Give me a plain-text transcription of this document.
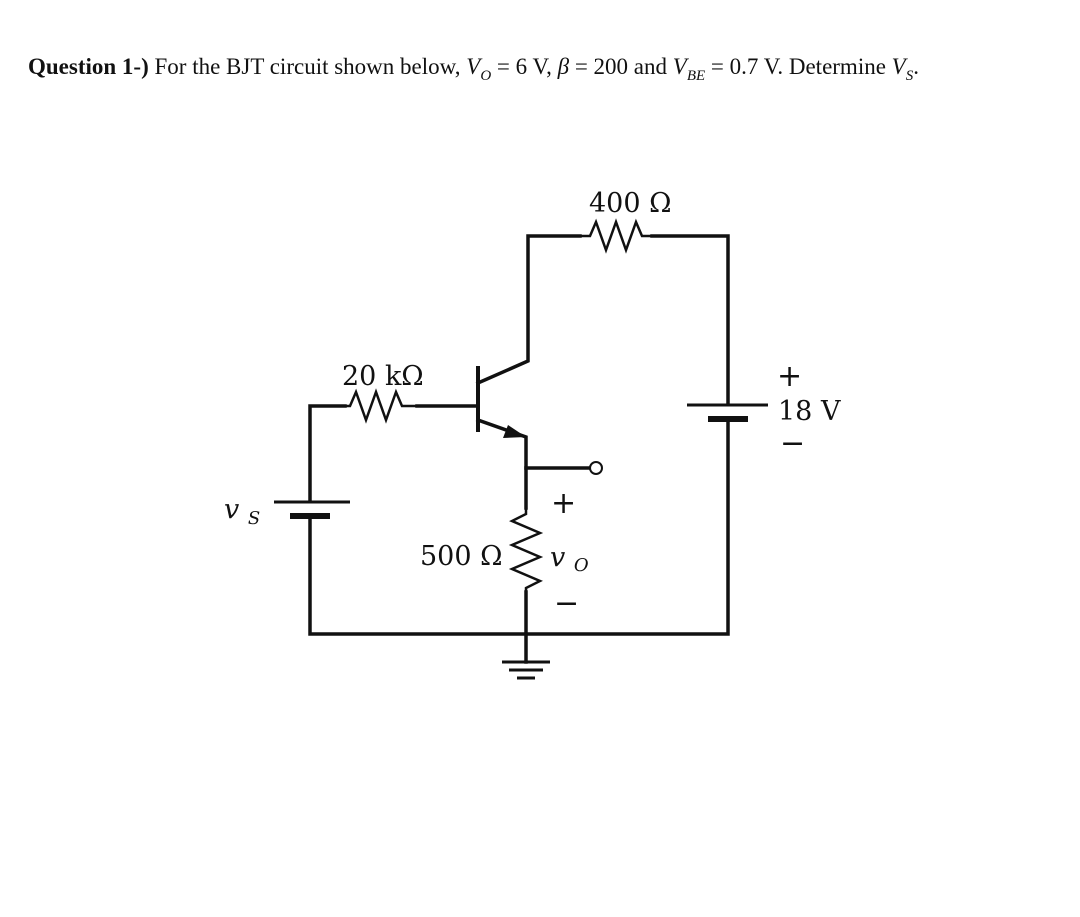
Question 1-) For the BJT circuit shown below, $V_O = 6$ V, β = 200 and $V_{BE} = 0.7$ V. Determine $V_S$.
400 Ω
20 kΩ
500 Ω
+
18 V
−
v $_S$	+
v O
−
